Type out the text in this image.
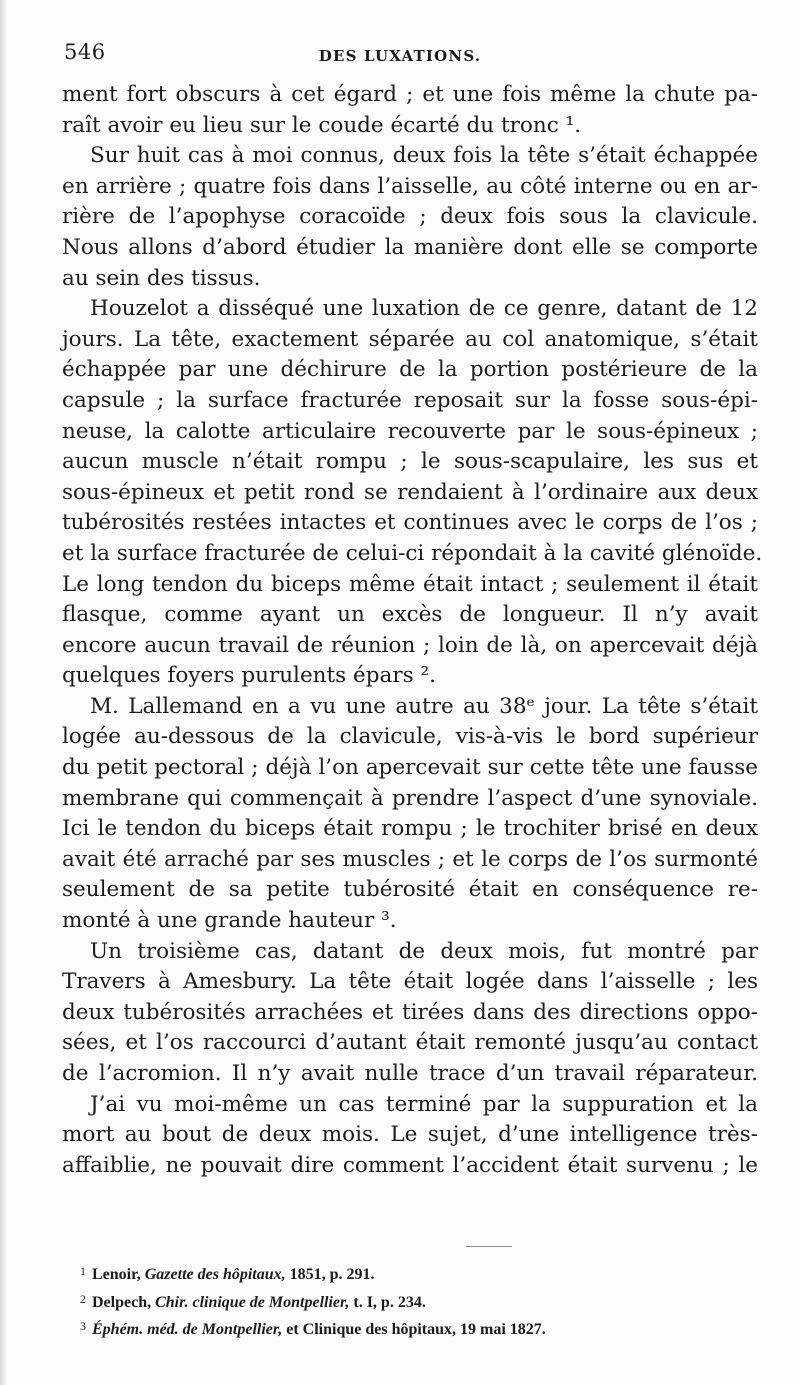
546	DES LUXATIONS.
ment fort obscurs à cet égard ; et une fois même la chute pa-
raît avoir eu lieu sur le coude écarté du tronc ¹.
Sur huit cas à moi connus, deux fois la tête s’était échappée
en arrière ; quatre fois dans l’aisselle, au côté interne ou en ar-
rière de l’apophyse coracoïde ; deux fois sous la clavicule.
Nous allons d’abord étudier la manière dont elle se comporte
au sein des tissus.
Houzelot a disséqué une luxation de ce genre, datant de 12
jours. La tête, exactement séparée au col anatomique, s’était
échappée par une déchirure de la portion postérieure de la
capsule ; la surface fracturée reposait sur la fosse sous-épi-
neuse, la calotte articulaire recouverte par le sous-épineux ;
aucun muscle n’était rompu ; le sous-scapulaire, les sus et
sous-épineux et petit rond se rendaient à l’ordinaire aux deux
tubérosités restées intactes et continues avec le corps de l’os ;
et la surface fracturée de celui-ci répondait à la cavité glénoïde.
Le long tendon du biceps même était intact ; seulement il était
flasque, comme ayant un excès de longueur. Il n’y avait
encore aucun travail de réunion ; loin de là, on apercevait déjà
quelques foyers purulents épars ².
M. Lallemand en a vu une autre au 38ᵉ jour. La tête s’était
logée au-dessous de la clavicule, vis-à-vis le bord supérieur
du petit pectoral ; déjà l’on apercevait sur cette tête une fausse
membrane qui commençait à prendre l’aspect d’une synoviale.
Ici le tendon du biceps était rompu ; le trochiter brisé en deux
avait été arraché par ses muscles ; et le corps de l’os surmonté
seulement de sa petite tubérosité était en conséquence re-
monté à une grande hauteur ³.
Un troisième cas, datant de deux mois, fut montré par
Travers à Amesbury. La tête était logée dans l’aisselle ; les
deux tubérosités arrachées et tirées dans des directions oppo-
sées, et l’os raccourci d’autant était remonté jusqu’au contact
de l’acromion. Il n’y avait nulle trace d’un travail réparateur.
J’ai vu moi-même un cas terminé par la suppuration et la
mort au bout de deux mois. Le sujet, d’une intelligence très-
affaiblie, ne pouvait dire comment l’accident était survenu ; le
$^1$ Lenoir, Gazette des hôpitaux, 1851, p. 291.
$^2$ Delpech, Chir. clinique de Montpellier, t. I, p. 234.
$^3$ Éphém. méd. de Montpellier, et Clinique des hôpitaux, 19 mai 1827.
